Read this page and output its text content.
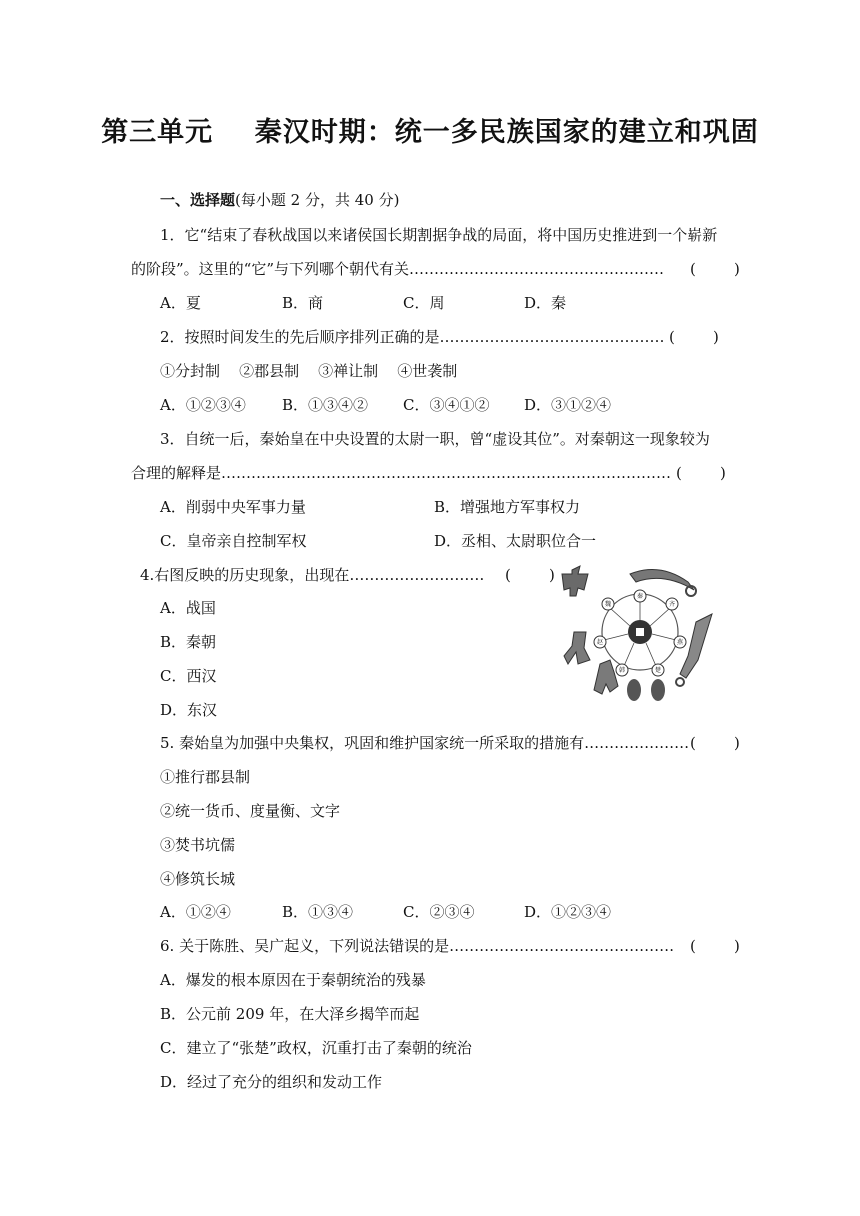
第三单元    秦汉时期：统一多民族国家的建立和巩固
一、选择题(每小题 2 分，共 40 分)
1．它“结束了春秋战国以来诸侯国长期割据争战的局面，将中国历史推进到一个崭新
的阶段”。这里的“它”与下列哪个朝代有关…………………………………………… (        )
A．夏	B．商	C．周	D．秦
2．按照时间发生的先后顺序排列正确的是……………………………………… (        )
①分封制    ②郡县制    ③禅让制    ④世袭制
A．①②③④ B．①③④② C．③④①② D．③①②④
3．自统一后，秦始皇在中央设置的太尉一职，曾“虚设其位”。对秦朝这一现象较为
合理的解释是……………………………………………………………………………… (        )
A．削弱中央军事力量	B．增强地方军事权力
C．皇帝亲自控制军权	D．丞相、太尉职位合一
4.右图反映的历史现象，出现在……………………… (        )
A．战国
B．秦朝
C．西汉
D．东汉
秦
齐
燕
楚
韩
赵
魏
5. 秦始皇为加强中央集权，巩固和维护国家统一所采取的措施有………………… (        )
①推行郡县制
②统一货币、度量衡、文字
③焚书坑儒
④修筑长城
A．①②④	B．①③④	C．②③④	D．①②③④
6. 关于陈胜、吴广起义，下列说法错误的是……………………………………… (        )
A．爆发的根本原因在于秦朝统治的残暴
B．公元前 209 年，在大泽乡揭竿而起
C．建立了“张楚”政权，沉重打击了秦朝的统治
D．经过了充分的组织和发动工作
